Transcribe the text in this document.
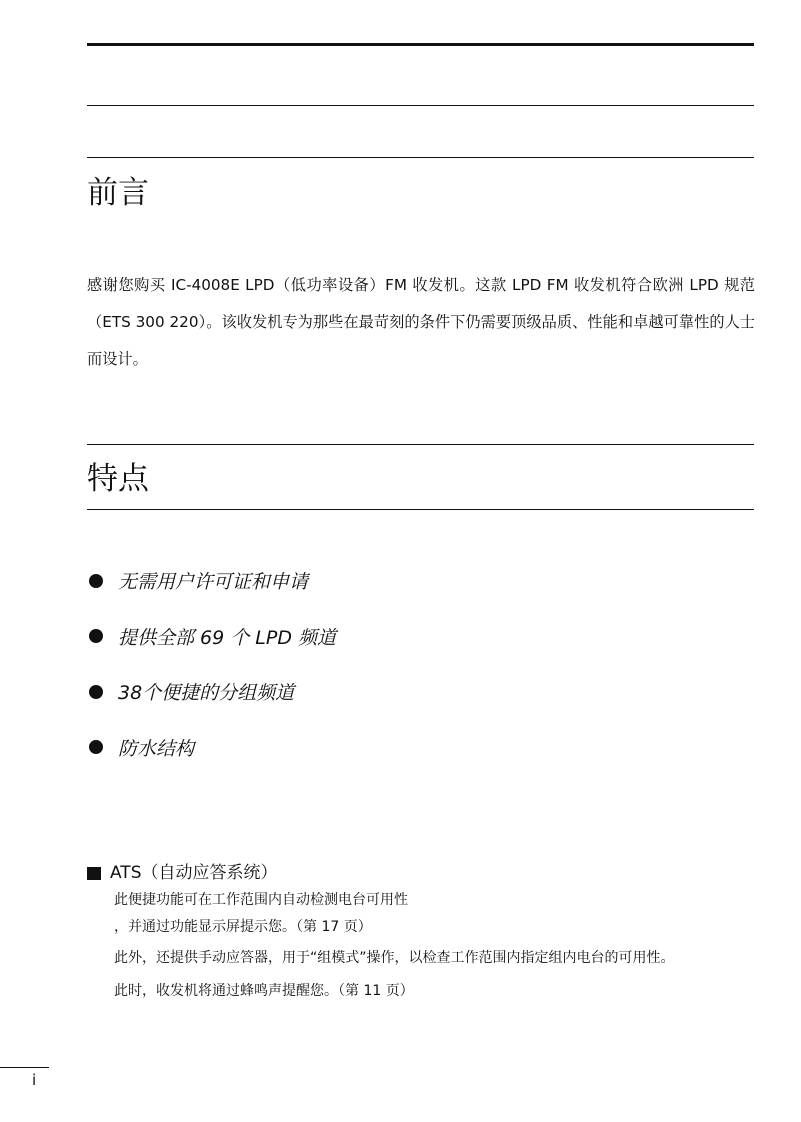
前言

感谢您购买 IC-4008E LPD（低功率设备）FM 收发机。这款 LPD FM 收发机符合欧洲 LPD 规范（ETS 300 220）。该收发机专为那些在最苛刻的条件下仍需要顶级品质、性能和卓越可靠性的人士而设计。

特点
无需用户许可证和申请
提供全部 69 个 LPD 频道
38个便捷的分组频道
防水结构
ATS（自动应答系统）

此便捷功能可在工作范围内自动检测电台可用性

，并通过功能显示屏提示您。（第 17 页）

此外，还提供手动应答器，用于“组模式”操作，以检查工作范围内指定组内电台的可用性。

此时，收发机将通过蜂鸣声提醒您。（第 11 页）

i
